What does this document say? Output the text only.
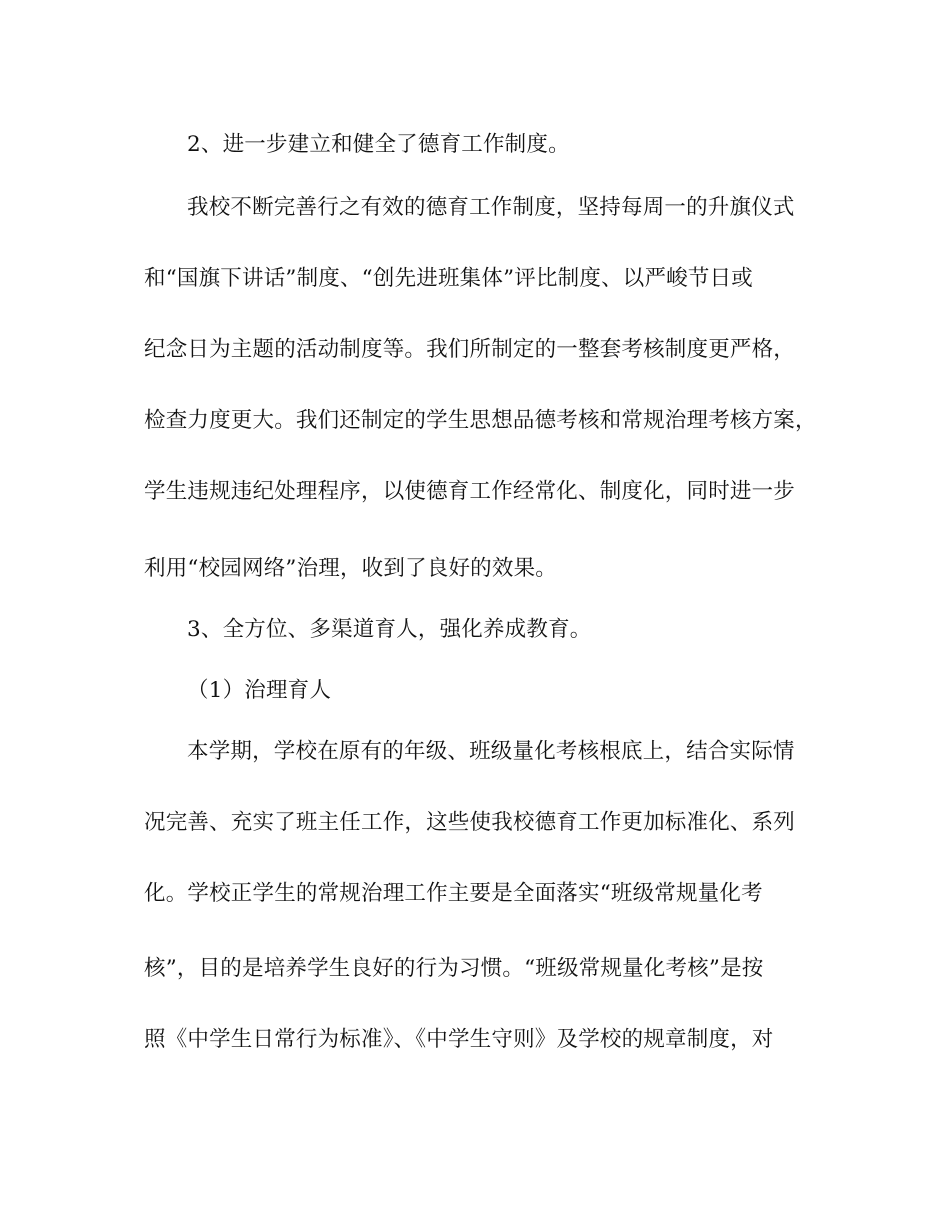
2、进一步建立和健全了德育工作制度。
我校不断完善行之有效的德育工作制度，坚持每周一的升旗仪式
和“国旗下讲话”制度、“创先进班集体”评比制度、以严峻节日或
纪念日为主题的活动制度等。我们所制定的一整套考核制度更严格，
检查力度更大。我们还制定的学生思想品德考核和常规治理考核方案，
学生违规违纪处理程序，以使德育工作经常化、制度化，同时进一步
利用“校园网络”治理，收到了良好的效果。
3、全方位、多渠道育人，强化养成教育。
（1）治理育人
本学期，学校在原有的年级、班级量化考核根底上，结合实际情
况完善、充实了班主任工作，这些使我校德育工作更加标准化、系列
化。学校正学生的常规治理工作主要是全面落实“班级常规量化考
核”，目的是培养学生良好的行为习惯。“班级常规量化考核”是按
照《中学生日常行为标准》、《中学生守则》及学校的规章制度，对
